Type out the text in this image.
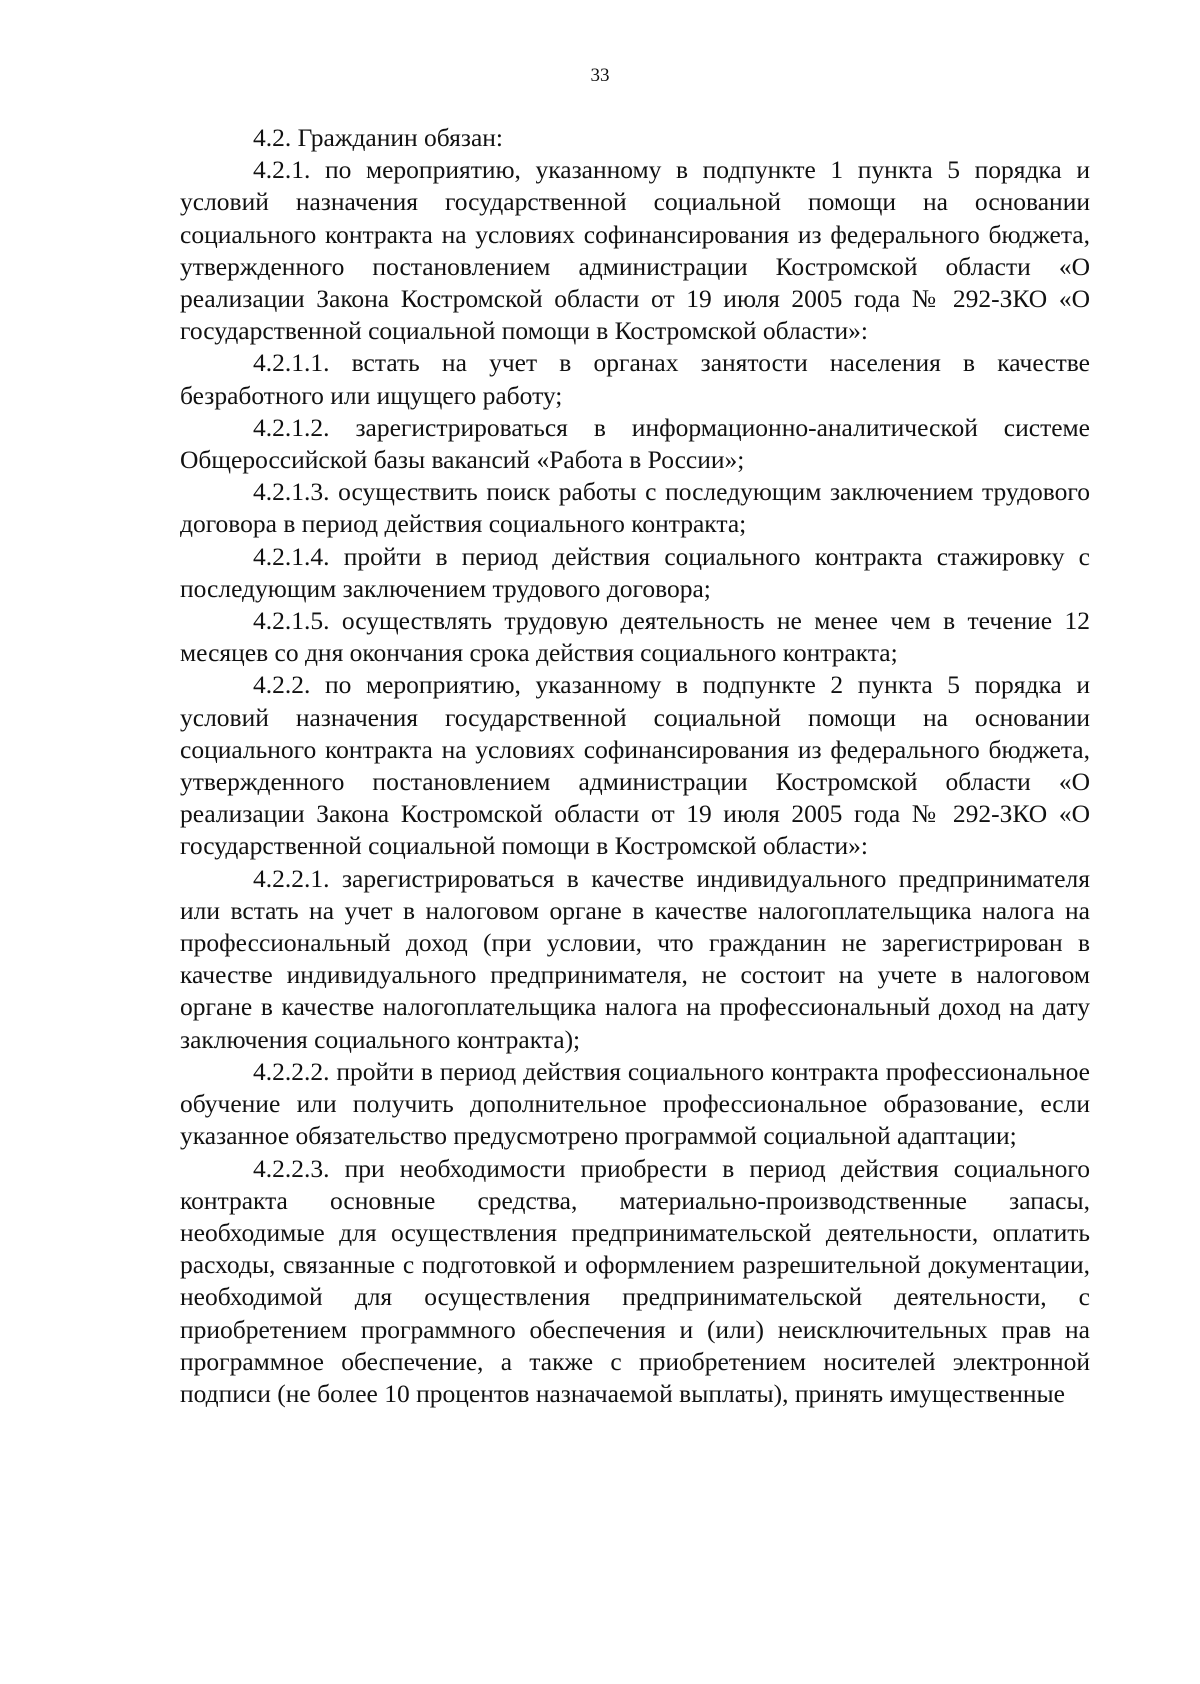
33

4.2. Гражданин обязан:

4.2.1. по мероприятию, указанному в подпункте 1 пункта 5 порядка и условий назначения государственной социальной помощи на основании социального контракта на условиях софинансирования из федерального бюджета, утвержденного постановлением администрации Костромской области «О реализации Закона Костромской области от 19 июля 2005 года № 292-ЗКО «О государственной социальной помощи в Костромской области»:

4.2.1.1. встать на учет в органах занятости населения в качестве безработного или ищущего работу;

4.2.1.2. зарегистрироваться в информационно-аналитической системе Общероссийской базы вакансий «Работа в России»;

4.2.1.3. осуществить поиск работы с последующим заключением трудового договора в период действия социального контракта;

4.2.1.4. пройти в период действия социального контракта стажировку с последующим заключением трудового договора;

4.2.1.5. осуществлять трудовую деятельность не менее чем в течение 12 месяцев со дня окончания срока действия социального контракта;

4.2.2. по мероприятию, указанному в подпункте 2 пункта 5 порядка и условий назначения государственной социальной помощи на основании социального контракта на условиях софинансирования из федерального бюджета, утвержденного постановлением администрации Костромской области «О реализации Закона Костромской области от 19 июля 2005 года № 292-ЗКО «О государственной социальной помощи в Костромской области»:

4.2.2.1. зарегистрироваться в качестве индивидуального предпринимателя или встать на учет в налоговом органе в качестве налогоплательщика налога на профессиональный доход (при условии, что гражданин не зарегистрирован в качестве индивидуального предпринимателя, не состоит на учете в налоговом органе в качестве налогоплательщика налога на профессиональный доход на дату заключения социального контракта);

4.2.2.2. пройти в период действия социального контракта профессиональное обучение или получить дополнительное профессиональное образование, если указанное обязательство предусмотрено программой социальной адаптации;

4.2.2.3. при необходимости приобрести в период действия социального контракта основные средства, материально-производственные запасы, необходимые для осуществления предпринимательской деятельности, оплатить расходы, связанные с подготовкой и оформлением разрешительной документации, необходимой для осуществления предпринимательской деятельности, с приобретением программного обеспечения и (или) неисключительных прав на программное обеспечение, а также с приобретением носителей электронной подписи (не более 10 процентов назначаемой выплаты), принять имущественные
